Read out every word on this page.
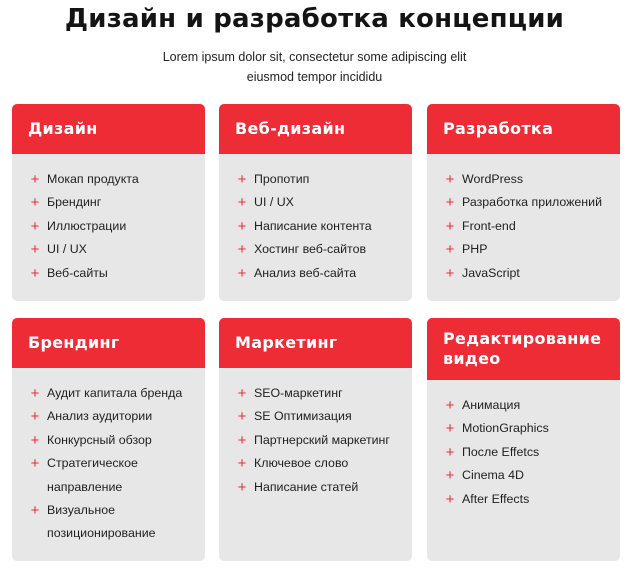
Дизайн и разработка концепции
Lorem ipsum dolor sit, consectetur some adipiscing elit
eiusmod tempor incididu
Дизайн
+ Мокап продукта
+ Брендинг
+ Иллюстрации
+ UI / UX
+ Веб-сайты
Веб-дизайн
+ Пропотип
+ UI / UX
+ Написание контента
+ Хостинг веб-сайтов
+ Анализ веб-сайта
Разработка
+ WordPress
+ Разработка приложений
+ Front-end
+ PHP
+ JavaScript
Брендинг
+ Аудит капитала бренда
+ Анализ аудитории
+ Конкурсный обзор
+ Стратегическое направление
+ Визуальное позиционирование
Маркетинг
+ SEO-маркетинг
+ SE Оптимизация
+ Партнерский маркетинг
+ Ключевое слово
+ Написание статей
Редактирование видео
+ Анимация
+ MotionGraphics
+ После Effetcs
+ Cinema 4D
+ After Effects
